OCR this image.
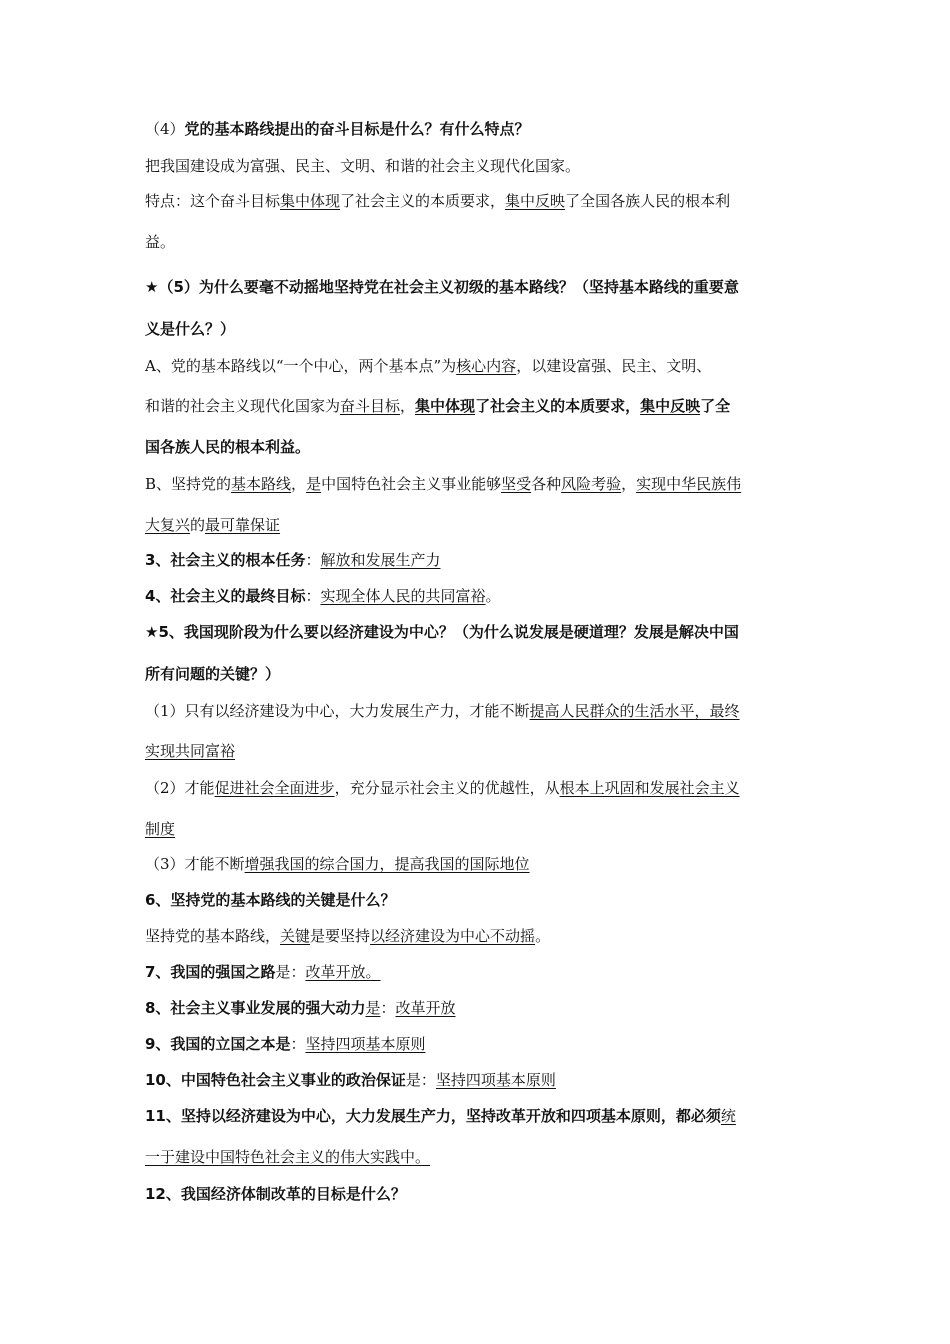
（4）党的基本路线提出的奋斗目标是什么？有什么特点？
把我国建设成为富强、民主、文明、和谐的社会主义现代化国家。
特点：这个奋斗目标集中体现了社会主义的本质要求，集中反映了全国各族人民的根本利
益。
★（5）为什么要毫不动摇地坚持党在社会主义初级的基本路线？（坚持基本路线的重要意
义是什么？）
A、党的基本路线以“一个中心，两个基本点”为核心内容，以建设富强、民主、文明、
和谐的社会主义现代化国家为奋斗目标，集中体现了社会主义的本质要求，集中反映了全
国各族人民的根本利益。
B、坚持党的基本路线，是中国特色社会主义事业能够坚受各种风险考验，实现中华民族伟
大复兴的最可靠保证
3、社会主义的根本任务：解放和发展生产力
4、社会主义的最终目标：实现全体人民的共同富裕。
★5、我国现阶段为什么要以经济建设为中心？（为什么说发展是硬道理？发展是解决中国
所有问题的关键？）
（1）只有以经济建设为中心，大力发展生产力，才能不断提高人民群众的生活水平，最终
实现共同富裕
（2）才能促进社会全面进步，充分显示社会主义的优越性，从根本上巩固和发展社会主义
制度
（3）才能不断增强我国的综合国力，提高我国的国际地位
6、坚持党的基本路线的关键是什么？
坚持党的基本路线，关键是要坚持以经济建设为中心不动摇。
7、我国的强国之路是：改革开放。
8、社会主义事业发展的强大动力是：改革开放
9、我国的立国之本是：坚持四项基本原则
10、中国特色社会主义事业的政治保证是：坚持四项基本原则
11、坚持以经济建设为中心，大力发展生产力，坚持改革开放和四项基本原则，都必须统
一于建设中国特色社会主义的伟大实践中。
12、我国经济体制改革的目标是什么？
